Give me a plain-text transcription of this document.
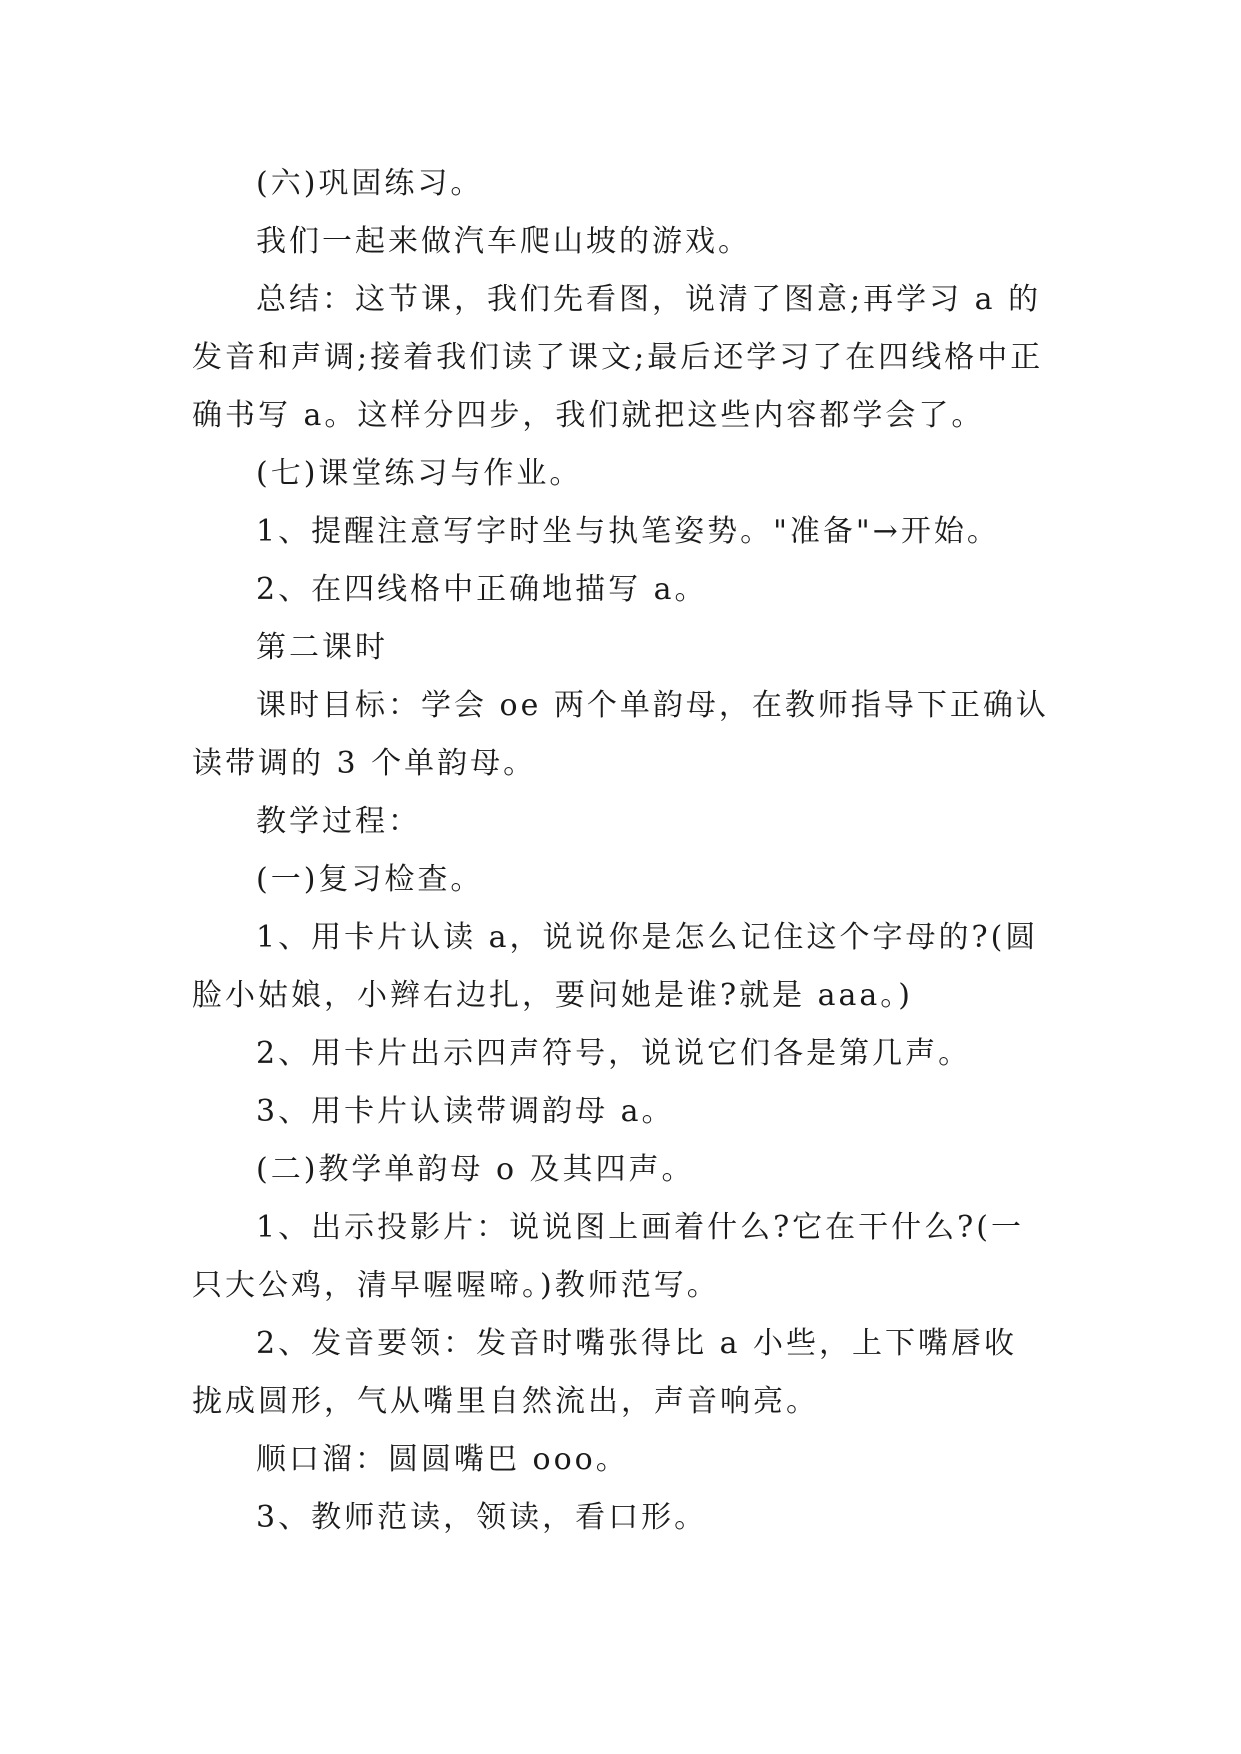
(六)巩固练习。

我们一起来做汽车爬山坡的游戏。

总结：这节课，我们先看图，说清了图意;再学习 a 的发音和声调;接着我们读了课文;最后还学习了在四线格中正确书写 a。这样分四步，我们就把这些内容都学会了。

(七)课堂练习与作业。

1、提醒注意写字时坐与执笔姿势。"准备"→开始。

2、在四线格中正确地描写 a。

第二课时

课时目标：学会 oe 两个单韵母，在教师指导下正确认读带调的 3 个单韵母。

教学过程：

(一)复习检查。

1、用卡片认读 a，说说你是怎么记住这个字母的?(圆脸小姑娘，小辫右边扎，要问她是谁?就是 aaa。)

2、用卡片出示四声符号，说说它们各是第几声。

3、用卡片认读带调韵母 a。

(二)教学单韵母 o 及其四声。

1、出示投影片：说说图上画着什么?它在干什么?(一只大公鸡，清早喔喔啼。)教师范写。

2、发音要领：发音时嘴张得比 a 小些，上下嘴唇收拢成圆形，气从嘴里自然流出，声音响亮。

顺口溜：圆圆嘴巴 ooo。

3、教师范读，领读，看口形。
